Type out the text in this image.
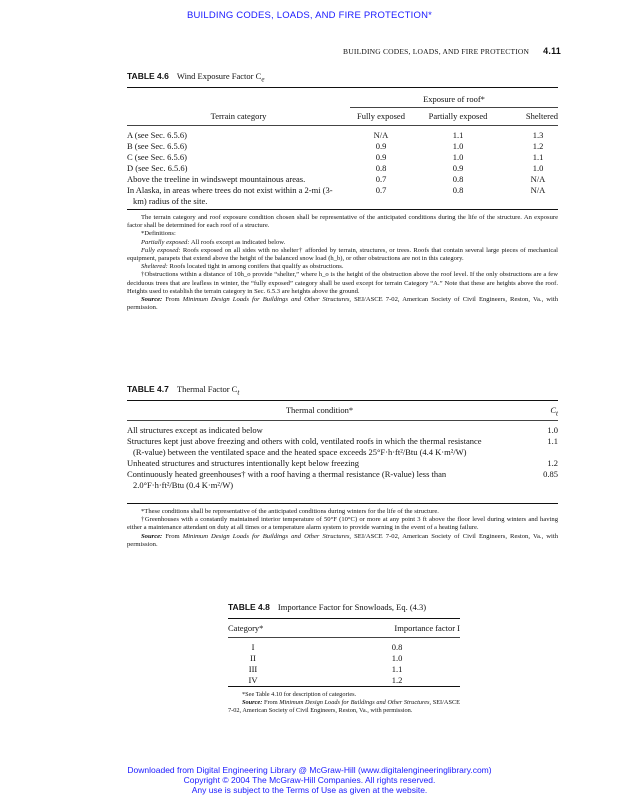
BUILDING CODES, LOADS, AND FIRE PROTECTION*
BUILDING CODES, LOADS, AND FIRE PROTECTION 4.11
TABLE 4.6 Wind Exposure Factor $C_e$
Exposure of roof*
Terrain category	Fully exposed	Partially exposed	Sheltered

A (see Sec. 6.5.6)	N/A	1.1	1.3
B (see Sec. 6.5.6)	0.9	1.0	1.2
C (see Sec. 6.5.6)	0.9	1.0	1.1
D (see Sec. 6.5.6)	0.8	0.9	1.0
Above the treeline in windswept mountainous areas.	0.7	0.8	N/A
In Alaska, in areas where trees do not exist within a 2-mi (3-km) radius of the site.	0.7	0.8	N/A

The terrain category and roof exposure condition chosen shall be representative of the anticipated conditions during the life of the structure. An exposure factor shall be determined for each roof of a structure.

*Definitions:

Partially exposed: All roofs except as indicated below.

Fully exposed: Roofs exposed on all sides with no shelter† afforded by terrain, structures, or trees. Roofs that contain several large pieces of mechanical equipment, parapets that extend above the height of the balanced snow load (h_b), or other obstructions are not in this category.

Sheltered: Roofs located tight in among conifers that qualify as obstructions.

†Obstructions within a distance of 10h_o provide “shelter,” where h_o is the height of the obstruction above the roof level. If the only obstructions are a few deciduous trees that are leafless in winter, the “fully exposed” category shall be used except for terrain Category “A.” Note that these are heights above the roof. Heights used to establish the terrain category in Sec. 6.5.3 are heights above the ground.

Source: From Minimum Design Loads for Buildings and Other Structures, SEI/ASCE 7-02, American Society of Civil Engineers, Reston, Va., with permission.

TABLE 4.7 Thermal Factor $C_t$
Thermal condition*	$C_t$

All structures except as indicated below	1.0
Structures kept just above freezing and others with cold, ventilated roofs in which the thermal resistance (R-value) between the ventilated space and the heated space exceeds 25°F·h·ft²/Btu (4.4 K·m²/W)	1.1
Unheated structures and structures intentionally kept below freezing	1.2
Continuously heated greenhouses† with a roof having a thermal resistance (R-value) less than 2.0°F·h·ft²/Btu (0.4 K·m²/W)	0.85

*These conditions shall be representative of the anticipated conditions during winters for the life of the structure.

†Greenhouses with a constantly maintained interior temperature of 50°F (10°C) or more at any point 3 ft above the floor level during winters and having either a maintenance attendant on duty at all times or a temperature alarm system to provide warning in the event of a heating failure.

Source: From Minimum Design Loads for Buildings and Other Structures, SEI/ASCE 7-02, American Society of Civil Engineers, Reston, Va., with permission.

TABLE 4.8 Importance Factor for Snowloads, Eq. (4.3)
Category*	Importance factor I

I	0.8
II	1.0
III	1.1
IV	1.2

*See Table 4.10 for description of categories.

Source: From Minimum Design Loads for Buildings and Other Structures, SEI/ASCE 7-02, American Society of Civil Engineers, Reston, Va., with permission.

Downloaded from Digital Engineering Library @ McGraw-Hill (www.digitalengineeringlibrary.com)
Copyright © 2004 The McGraw-Hill Companies. All rights reserved.
Any use is subject to the Terms of Use as given at the website.
